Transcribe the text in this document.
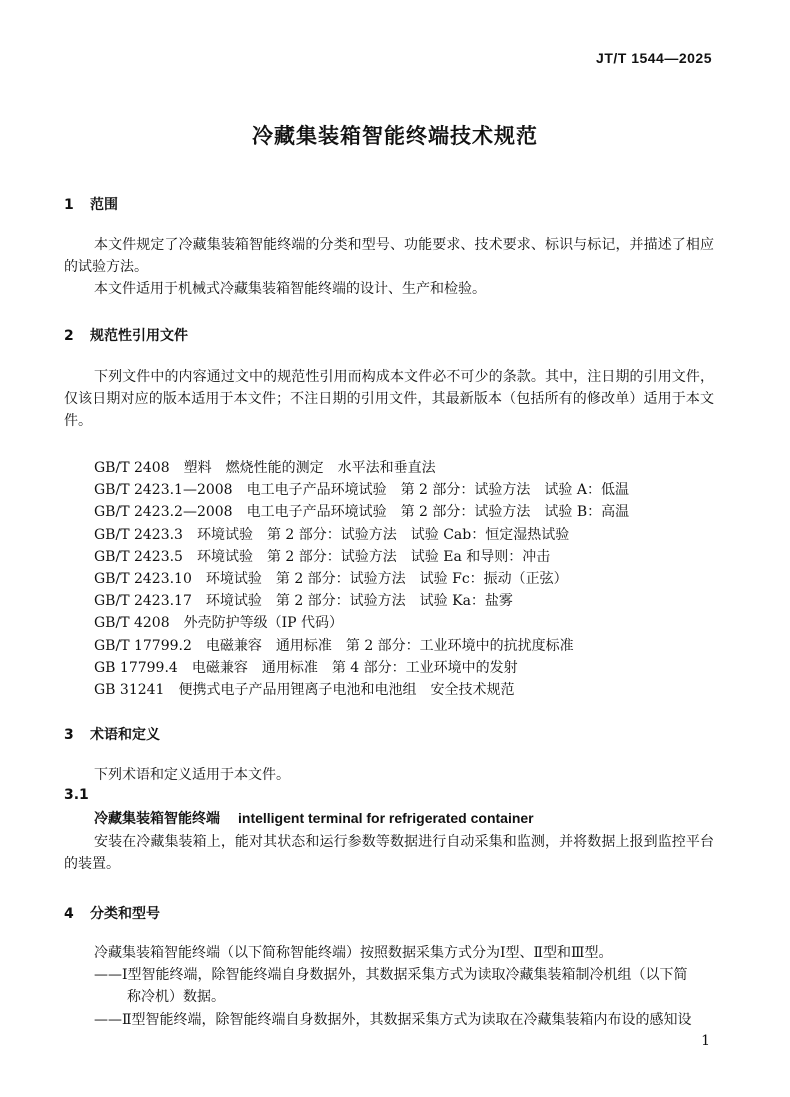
JT/T 1544—2025
冷藏集装箱智能终端技术规范
1 范围
本文件规定了冷藏集装箱智能终端的分类和型号、功能要求、技术要求、标识与标记，并描述了相应的试验方法。
本文件适用于机械式冷藏集装箱智能终端的设计、生产和检验。
2 规范性引用文件
下列文件中的内容通过文中的规范性引用而构成本文件必不可少的条款。其中，注日期的引用文件，仅该日期对应的版本适用于本文件；不注日期的引用文件，其最新版本（包括所有的修改单）适用于本文件。
GB/T 2408　塑料　燃烧性能的测定　水平法和垂直法
GB/T 2423.1—2008　电工电子产品环境试验　第 2 部分：试验方法　试验 A：低温
GB/T 2423.2—2008　电工电子产品环境试验　第 2 部分：试验方法　试验 B：高温
GB/T 2423.3　环境试验　第 2 部分：试验方法　试验 Cab：恒定湿热试验
GB/T 2423.5　环境试验　第 2 部分：试验方法　试验 Ea 和导则：冲击
GB/T 2423.10　环境试验　第 2 部分：试验方法　试验 Fc：振动（正弦）
GB/T 2423.17　环境试验　第 2 部分：试验方法　试验 Ka：盐雾
GB/T 4208　外壳防护等级（IP 代码）
GB/T 17799.2　电磁兼容　通用标准　第 2 部分：工业环境中的抗扰度标准
GB 17799.4　电磁兼容　通用标准　第 4 部分：工业环境中的发射
GB 31241　便携式电子产品用锂离子电池和电池组　安全技术规范
3 术语和定义
下列术语和定义适用于本文件。
3.1
冷藏集装箱智能终端 intelligent terminal for refrigerated container
安装在冷藏集装箱上，能对其状态和运行参数等数据进行自动采集和监测，并将数据上报到监控平台的装置。
4 分类和型号
冷藏集装箱智能终端（以下简称智能终端）按照数据采集方式分为Ⅰ型、Ⅱ型和Ⅲ型。
——Ⅰ型智能终端，除智能终端自身数据外，其数据采集方式为读取冷藏集装箱制冷机组（以下简
称冷机）数据。
——Ⅱ型智能终端，除智能终端自身数据外，其数据采集方式为读取在冷藏集装箱内布设的感知设
1
